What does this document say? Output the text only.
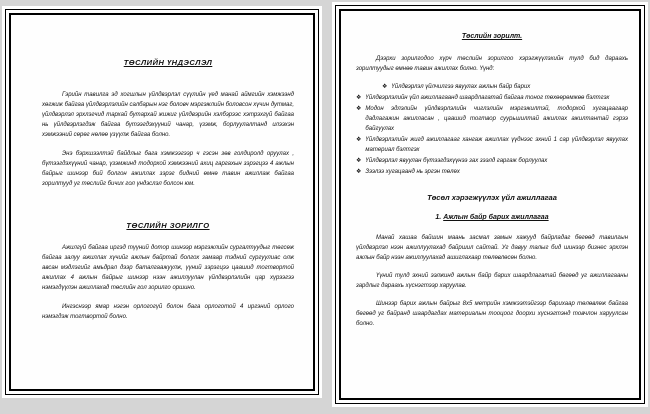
ТӨСЛИЙН ҮНДЭСЛЭЛ

Гэрийн тавилга эд хогшлын үйлдвэрлэл сүүлийн үед манай аймгийн хэмжээнд хөгжиж байгаа үйлдвэрлэлийн салбарын нэг боловч мэргэжлийн боловсон хүчин дутмаг, үйлдвэрлэл эрхлэгчид тархай бутархай жижиг үйлдвэрийн хэлбэрээс хэтрэхгүй байгаа нь үйлдвэрлэгдэж байгаа бүтээгдэхүүний чанар, үзэмж, борлуулалтанд илээхэн хэмжээний сөрөг нөлөө үзүүлж байгаа болно.

Энэ бэрхшээлтэй байдлыг бага хэмжээгээр ч гэсэн зөв голдиролд оруулах , бүтээгдэхүүний чанар, үзэмжинд тодорхой хэмжээний ахиц гаргахын зэрэгцээ 4 ажлын байрыг шинээр бий болгон ажиллах зэрэг бидний өмнө тавин ажиллаж байгаа зорилтууд уг төслийг бичих гол үндэслэл болсон юм.

ТӨСЛИЙН ЗОРИЛГО

Ажилгүй байгаа иргэд түүний дотор шинээр мэргэжлийн сургалтуудыг төгсөж байгаа залуу ажиллах хүчийг ажлын байртай болгох замаар тэдний сургуулиас олж авсан мэдлэгийг амьдрал дээр баталгаажуулж, үүний зэрэгцээ цаашид тогтвортой ажиллах 4 ажлын байрыг шинээр нээн ажиллуулан үйлдвэрлэлийн цар хүрээгээ нэмэгдүүлэн ажиллахад төслийн гол зорилго оршино.

Ингэснээр ямар нэгэн орлогогүй болон бага орлоготой 4 иргэний орлого нэмэгдэж тогтвортой болно.

Төслийн зорилт.

Дээрхи зорилгодоо хүрч төслийн зорилгоо хэрэгжүүлэхийн тулд бид дараахь зорилтуудыг өмнөө тавин ажиллах болно. Үүнд:

❖ Үйлдвэрлэл үйлчилгээ явуулах ажлын байр барих
❖ Үйлдвэрлэлийн үйл ажиллагаанд шаардлагатай байгаа тоног төхөөрөмжөө бэлтгэх
❖ Модон эдлэлийн үйлдвэрлэлийн чиглэлийн мэргэжилтэй, тодорхой хугацаагаар дадлагажин ажилласан , цаашид тогтвор суурьшилтай ажиллах ажилтантай гэрээ байгуулах
❖ Үйлдвэрлэлийн жигд ажиллагааг хангаж ажиллах үүднээс эхний 1 сар үйлдвэрлэл явуулах материал бэлтгэх
❖ Үйлдвэрлэл явуулан бүтээгдэхүүнээ зах зээлд гаргаж борлуулах
❖ Зээлээ хугацаанд нь эргэн төлөх
Төсөл хэрэгжүүлэх үйл ажиллагаа
1. Ажлын байр барих ажиллагаа

Манай хашаа байшин маань засмал замын хажууд байрладаг бөгөөд тавилгын үйлдвэрлэл нээн ажиллуулахад байршил сайтай. Уг давуу талыг бид шинээр бизнес эрхлэн ажлын байр нээн ажиллуулахад ашиглахаар төлөвлөсөн болно.

Үүний тулд эхний ээлжинд ажлын байр барих шаардлагатай бөгөөд уг ажиллагааны зардлыг дараахь хүснэгтээр харуулав.

Шинээр барих ажлын байрыг 8х5 метрийн хэмжээтэйгээр барихаар төлөвлөж байгаа бөгөөд уг байранд шаардагдах материалын тооцоог доорхи хүснэгтэнд товчлон харуулсан болно.
